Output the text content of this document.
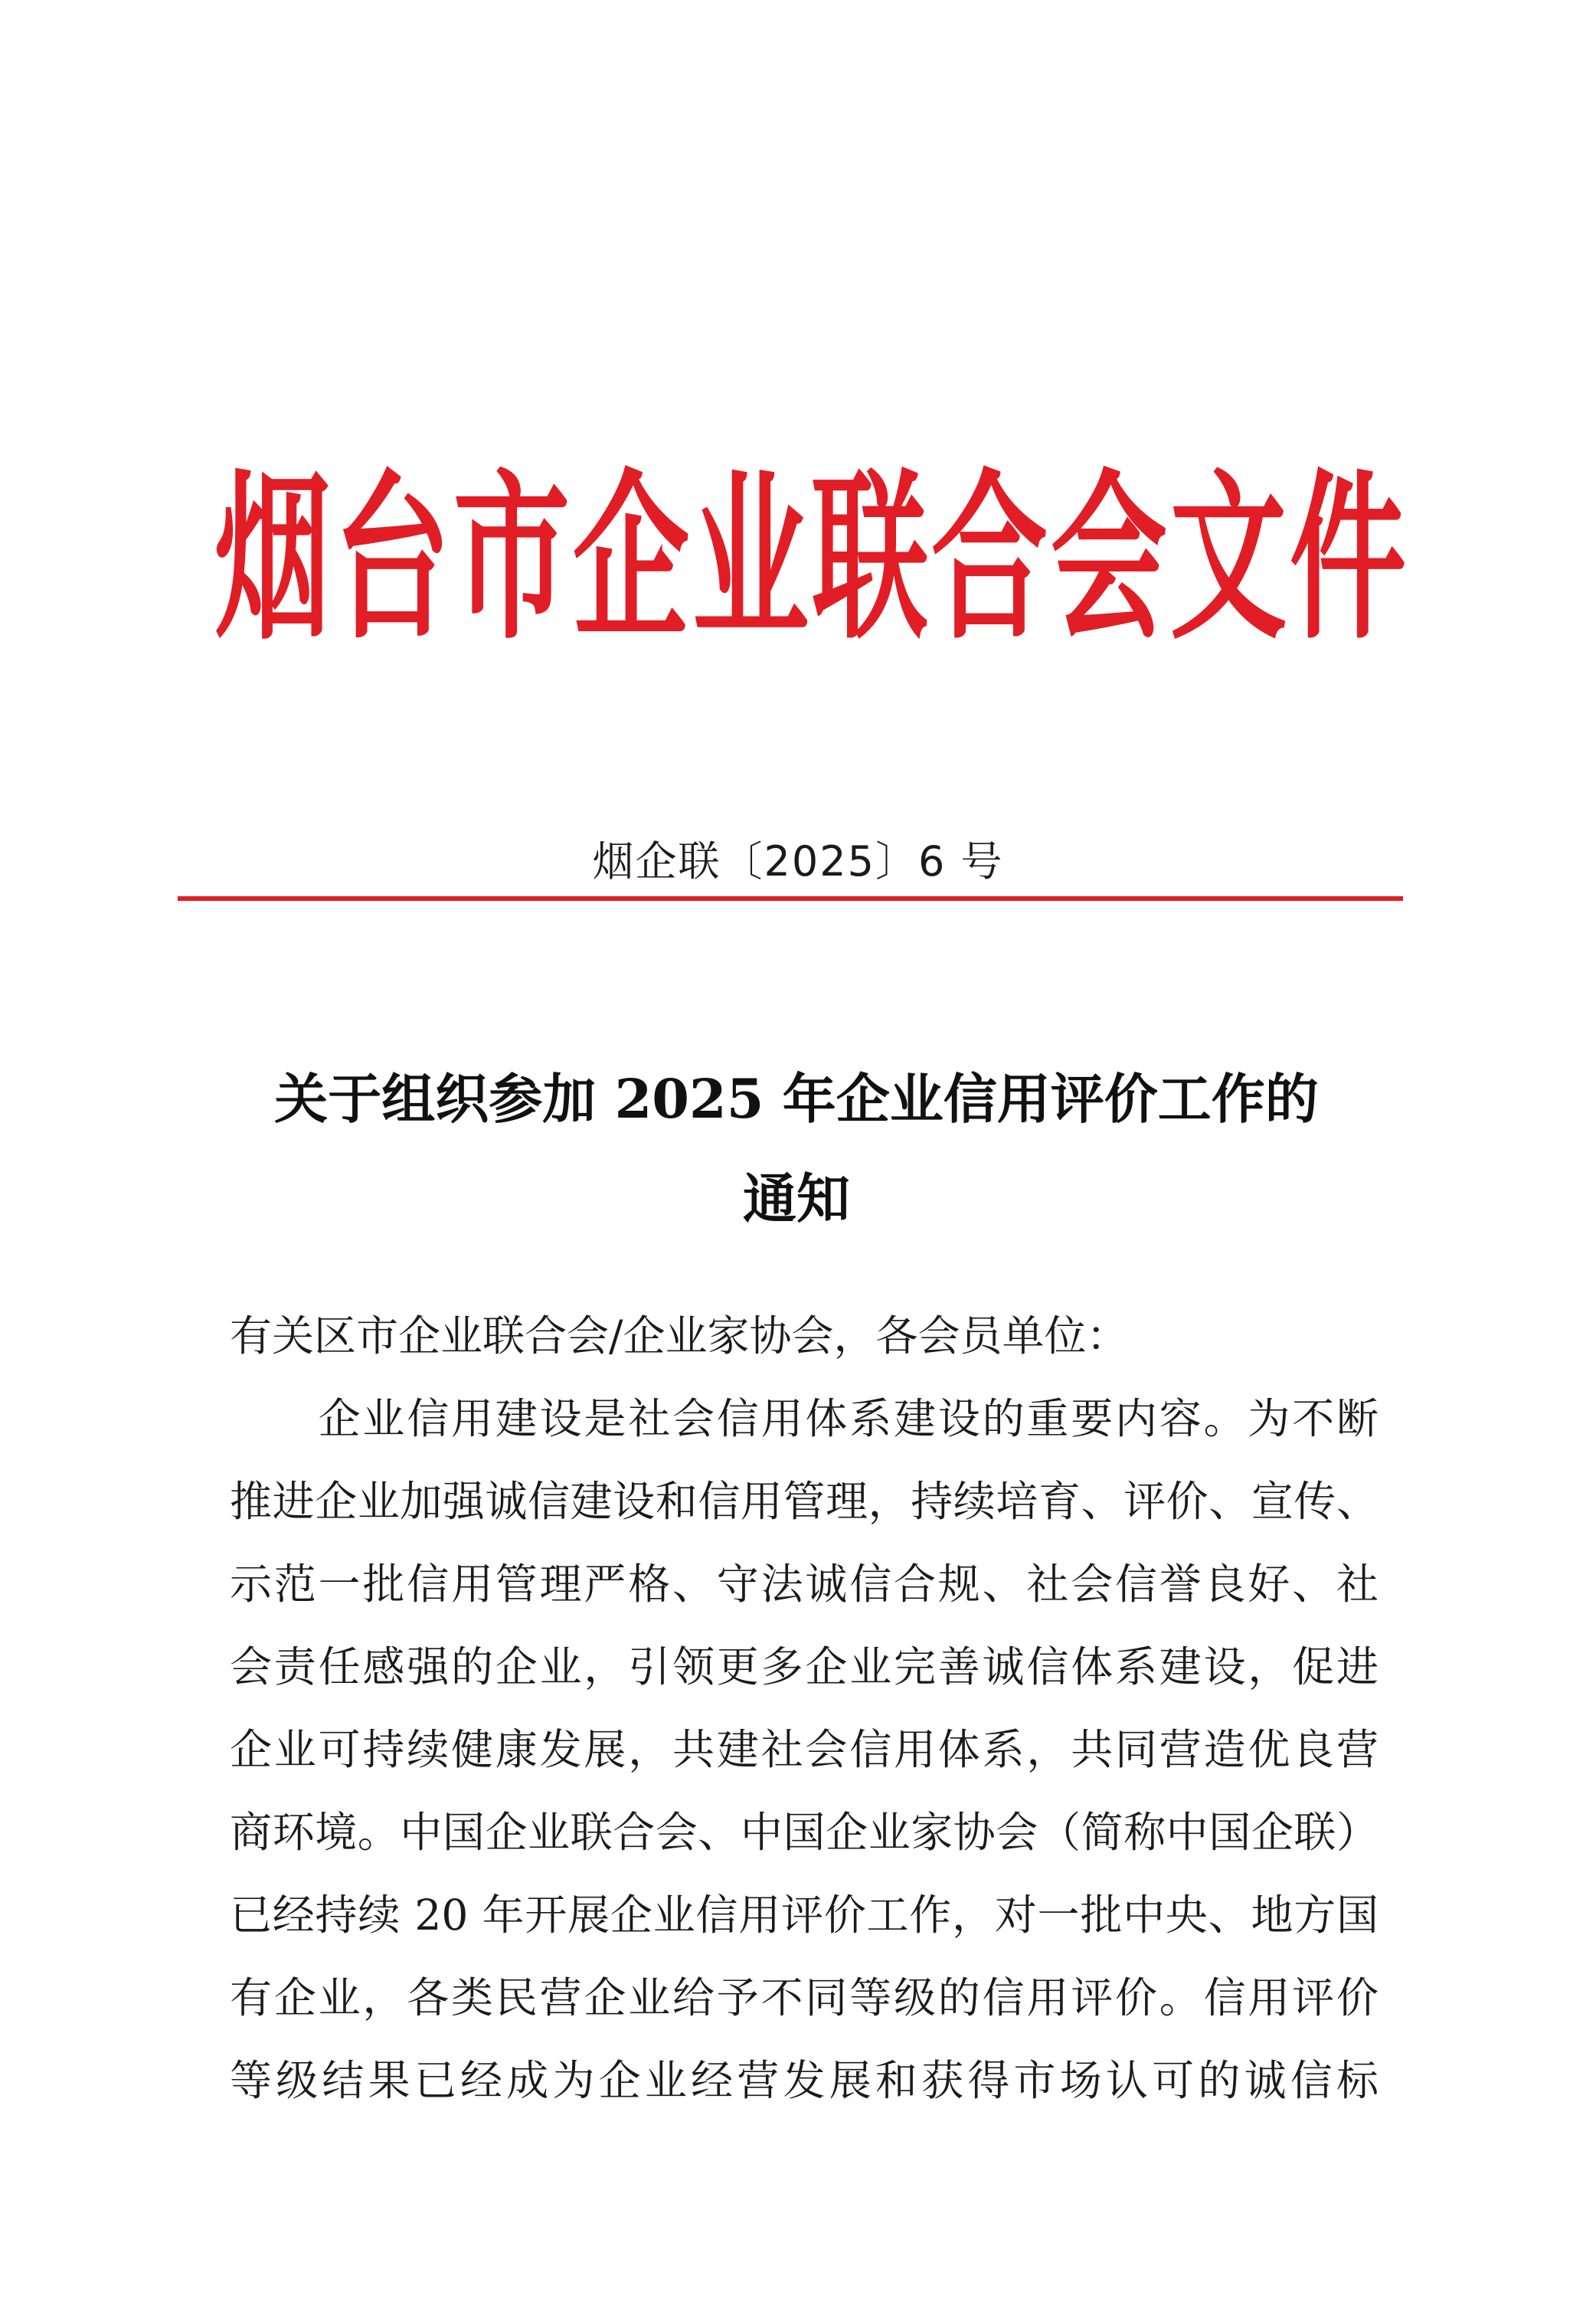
烟台市企业联合会文件
烟企联〔2025〕6 号
关于组织参加 2025 年企业信用评价工作的
通知

有关区市企业联合会/企业家协会，各会员单位：

　　企业信用建设是社会信用体系建设的重要内容。为不断
推进企业加强诚信建设和信用管理，持续培育、评价、宣传、
示范一批信用管理严格、守法诚信合规、社会信誉良好、社
会责任感强的企业，引领更多企业完善诚信体系建设，促进
企业可持续健康发展，共建社会信用体系，共同营造优良营
商环境。中国企业联合会、中国企业家协会（简称中国企联）
已经持续 20 年开展企业信用评价工作，对一批中央、地方国
有企业，各类民营企业给予不同等级的信用评价。信用评价
等级结果已经成为企业经营发展和获得市场认可的诚信标
